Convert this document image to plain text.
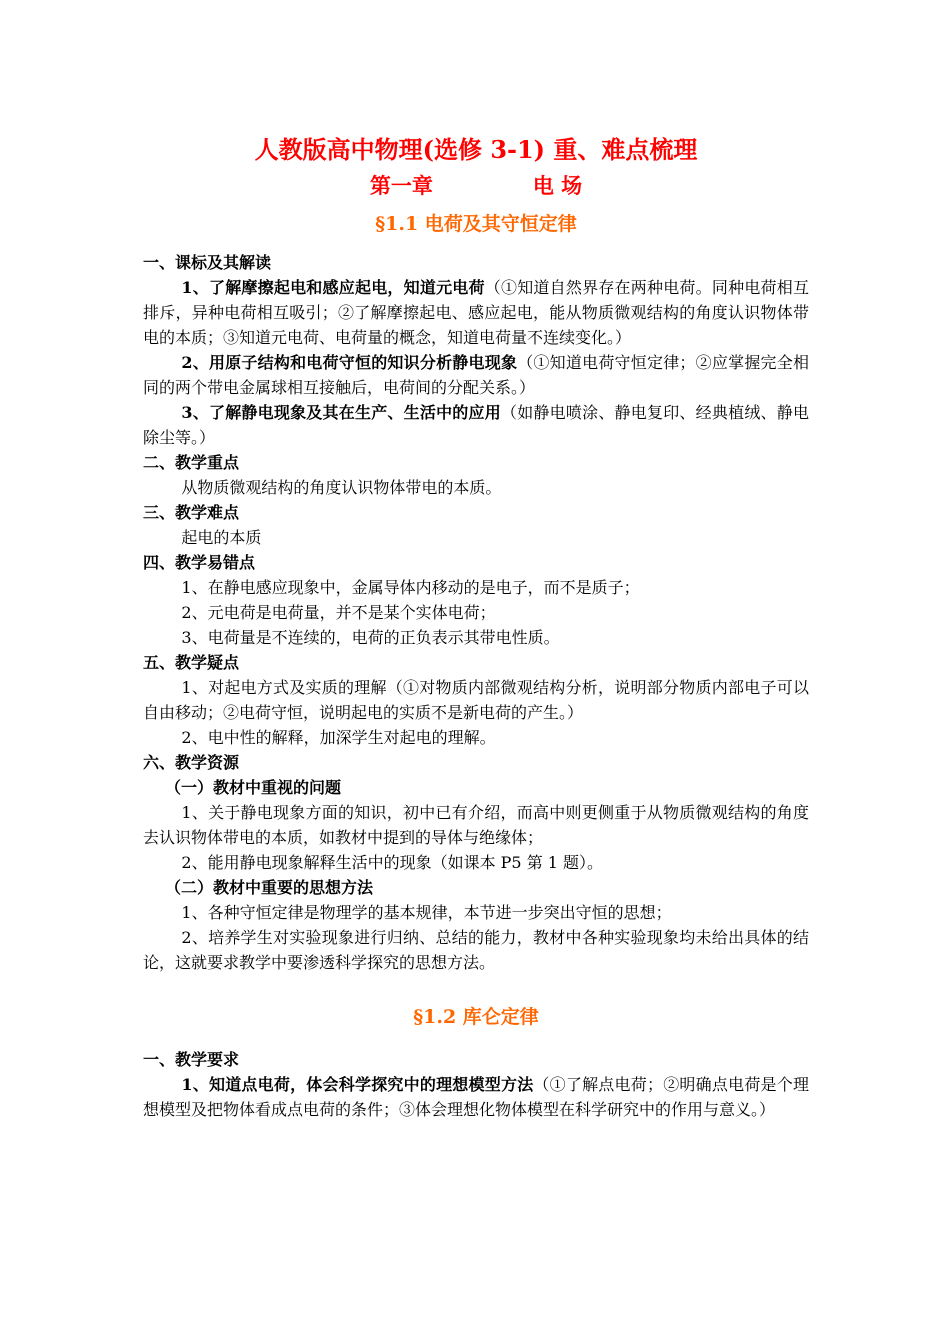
人教版高中物理(选修 3-1) 重、难点梳理

第一章	电 场

§1.1 电荷及其守恒定律

一、课标及其解读

1、了解摩擦起电和感应起电，知道元电荷（①知道自然界存在两种电荷。同种电荷相互排斥，异种电荷相互吸引；②了解摩擦起电、感应起电，能从物质微观结构的角度认识物体带电的本质；③知道元电荷、电荷量的概念，知道电荷量不连续变化。）

2、用原子结构和电荷守恒的知识分析静电现象（①知道电荷守恒定律；②应掌握完全相同的两个带电金属球相互接触后，电荷间的分配关系。）

3、了解静电现象及其在生产、生活中的应用（如静电喷涂、静电复印、经典植绒、静电除尘等。）

二、教学重点

从物质微观结构的角度认识物体带电的本质。

三、教学难点

起电的本质

四、教学易错点

1、在静电感应现象中，金属导体内移动的是电子，而不是质子；

2、元电荷是电荷量，并不是某个实体电荷；

3、电荷量是不连续的，电荷的正负表示其带电性质。

五、教学疑点

1、对起电方式及实质的理解（①对物质内部微观结构分析，说明部分物质内部电子可以自由移动；②电荷守恒，说明起电的实质不是新电荷的产生。）

2、电中性的解释，加深学生对起电的理解。

六、教学资源

（一）教材中重视的问题

1、关于静电现象方面的知识，初中已有介绍，而高中则更侧重于从物质微观结构的角度去认识物体带电的本质，如教材中提到的导体与绝缘体；

2、能用静电现象解释生活中的现象（如课本 P5 第 1 题）。

（二）教材中重要的思想方法

1、各种守恒定律是物理学的基本规律，本节进一步突出守恒的思想；

2、培养学生对实验现象进行归纳、总结的能力，教材中各种实验现象均未给出具体的结论，这就要求教学中要渗透科学探究的思想方法。

§1.2 库仑定律

一、教学要求

1、知道点电荷，体会科学探究中的理想模型方法（①了解点电荷；②明确点电荷是个理想模型及把物体看成点电荷的条件；③体会理想化物体模型在科学研究中的作用与意义。）
